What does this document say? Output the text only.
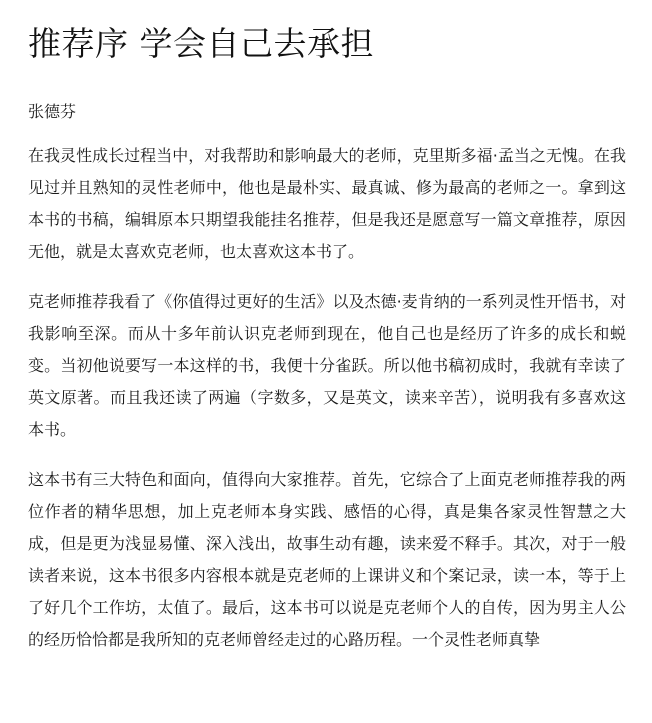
推荐序 学会自己去承担

张德芬

在我灵性成长过程当中，对我帮助和影响最大的老师，克里斯多福·孟当之无愧。在我见过并且熟知的灵性老师中，他也是最朴实、最真诚、修为最高的老师之一。拿到这本书的书稿，编辑原本只期望我能挂名推荐，但是我还是愿意写一篇文章推荐，原因无他，就是太喜欢克老师，也太喜欢这本书了。

克老师推荐我看了《你值得过更好的生活》以及杰德·麦肯纳的一系列灵性开悟书，对我影响至深。而从十多年前认识克老师到现在，他自己也是经历了许多的成长和蜕变。当初他说要写一本这样的书，我便十分雀跃。所以他书稿初成时，我就有幸读了英文原著。而且我还读了两遍（字数多，又是英文，读来辛苦），说明我有多喜欢这本书。

这本书有三大特色和面向，值得向大家推荐。首先，它综合了上面克老师推荐我的两位作者的精华思想，加上克老师本身实践、感悟的心得，真是集各家灵性智慧之大成，但是更为浅显易懂、深入浅出，故事生动有趣，读来爱不释手。其次，对于一般读者来说，这本书很多内容根本就是克老师的上课讲义和个案记录，读一本，等于上了好几个工作坊，太值了。最后，这本书可以说是克老师个人的自传，因为男主人公的经历恰恰都是我所知的克老师曾经走过的心路历程。一个灵性老师真挚
